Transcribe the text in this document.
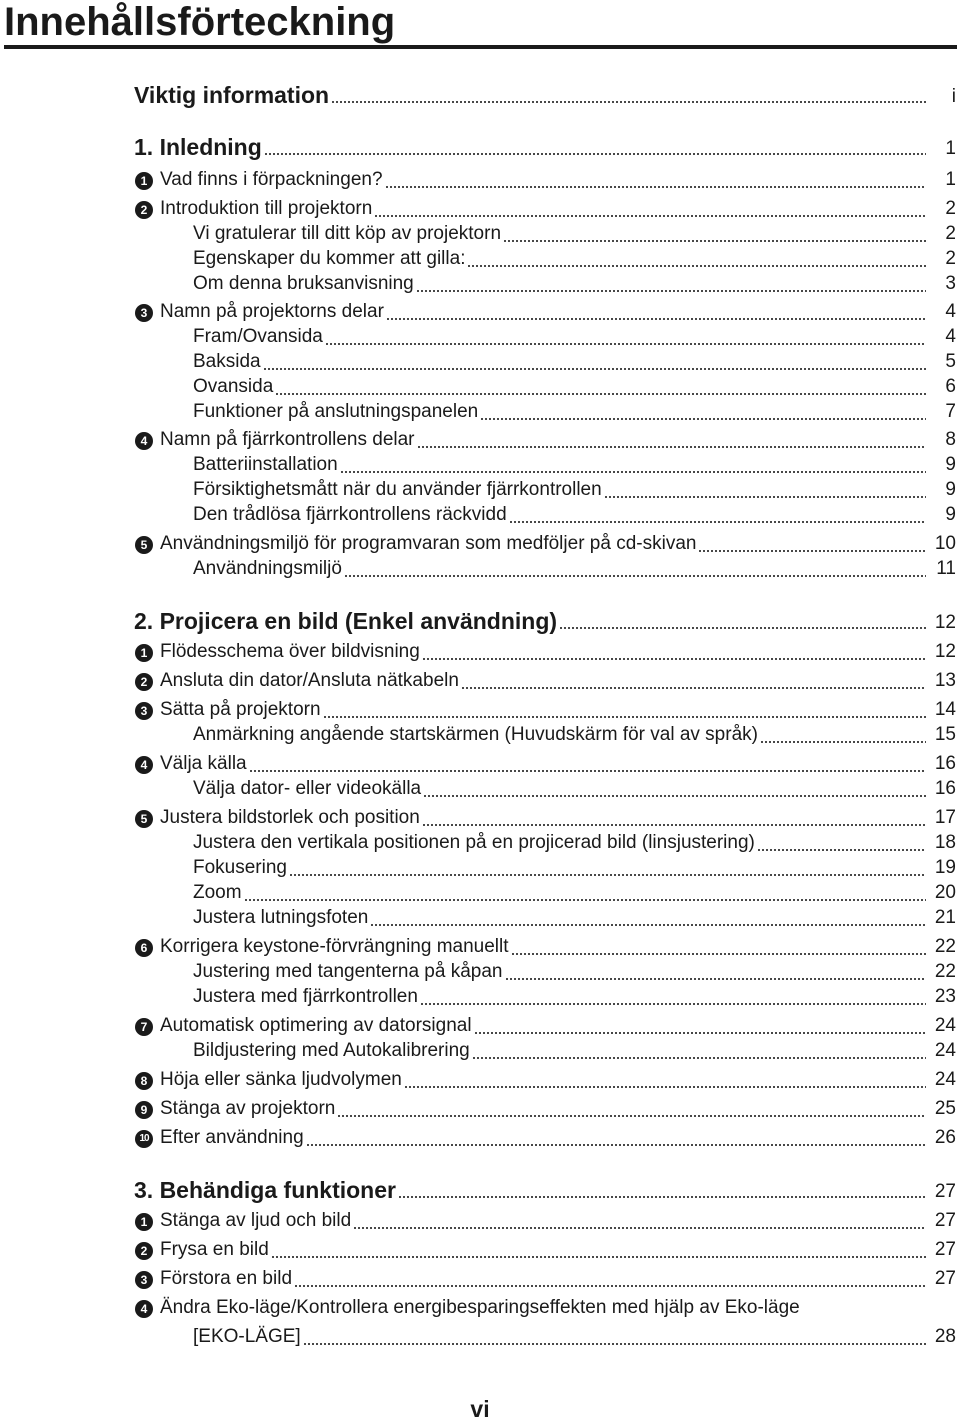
Innehållsförteckning
Viktig information	i
1. Inledning	1
1 Vad finns i förpackningen?	1
2 Introduktion till projektorn	2
Vi gratulerar till ditt köp av projektorn	2
Egenskaper du kommer att gilla:	2
Om denna bruksanvisning	3
3 Namn på projektorns delar	4
Fram/Ovansida	4
Baksida	5
Ovansida	6
Funktioner på anslutningspanelen	7
4 Namn på fjärrkontrollens delar	8
Batteriinstallation	9
Försiktighetsmått när du använder fjärrkontrollen	9
Den trådlösa fjärrkontrollens räckvidd	9
5 Användningsmiljö för programvaran som medföljer på cd-skivan	10
Användningsmiljö	11
2. Projicera en bild (Enkel användning)	12
1 Flödesschema över bildvisning	12
2 Ansluta din dator/Ansluta nätkabeln	13
3 Sätta på projektorn	14
Anmärkning angående startskärmen (Huvudskärm för val av språk)	15
4 Välja källa	16
Välja dator- eller videokälla	16
5 Justera bildstorlek och position	17
Justera den vertikala positionen på en projicerad bild (linsjustering)	18
Fokusering	19
Zoom	20
Justera lutningsfoten	21
6 Korrigera keystone-förvrängning manuellt	22
Justering med tangenterna på kåpan	22
Justera med fjärrkontrollen	23
7 Automatisk optimering av datorsignal	24
Bildjustering med Autokalibrering	24
8 Höja eller sänka ljudvolymen	24
9 Stänga av projektorn	25
10 Efter användning	26
3. Behändiga funktioner	27
1 Stänga av ljud och bild	27
2 Frysa en bild	27
3 Förstora en bild	27
4 Ändra Eko-läge/Kontrollera energibesparingseffekten med hjälp av Eko-läge
[EKO-LÄGE]	28
vi
